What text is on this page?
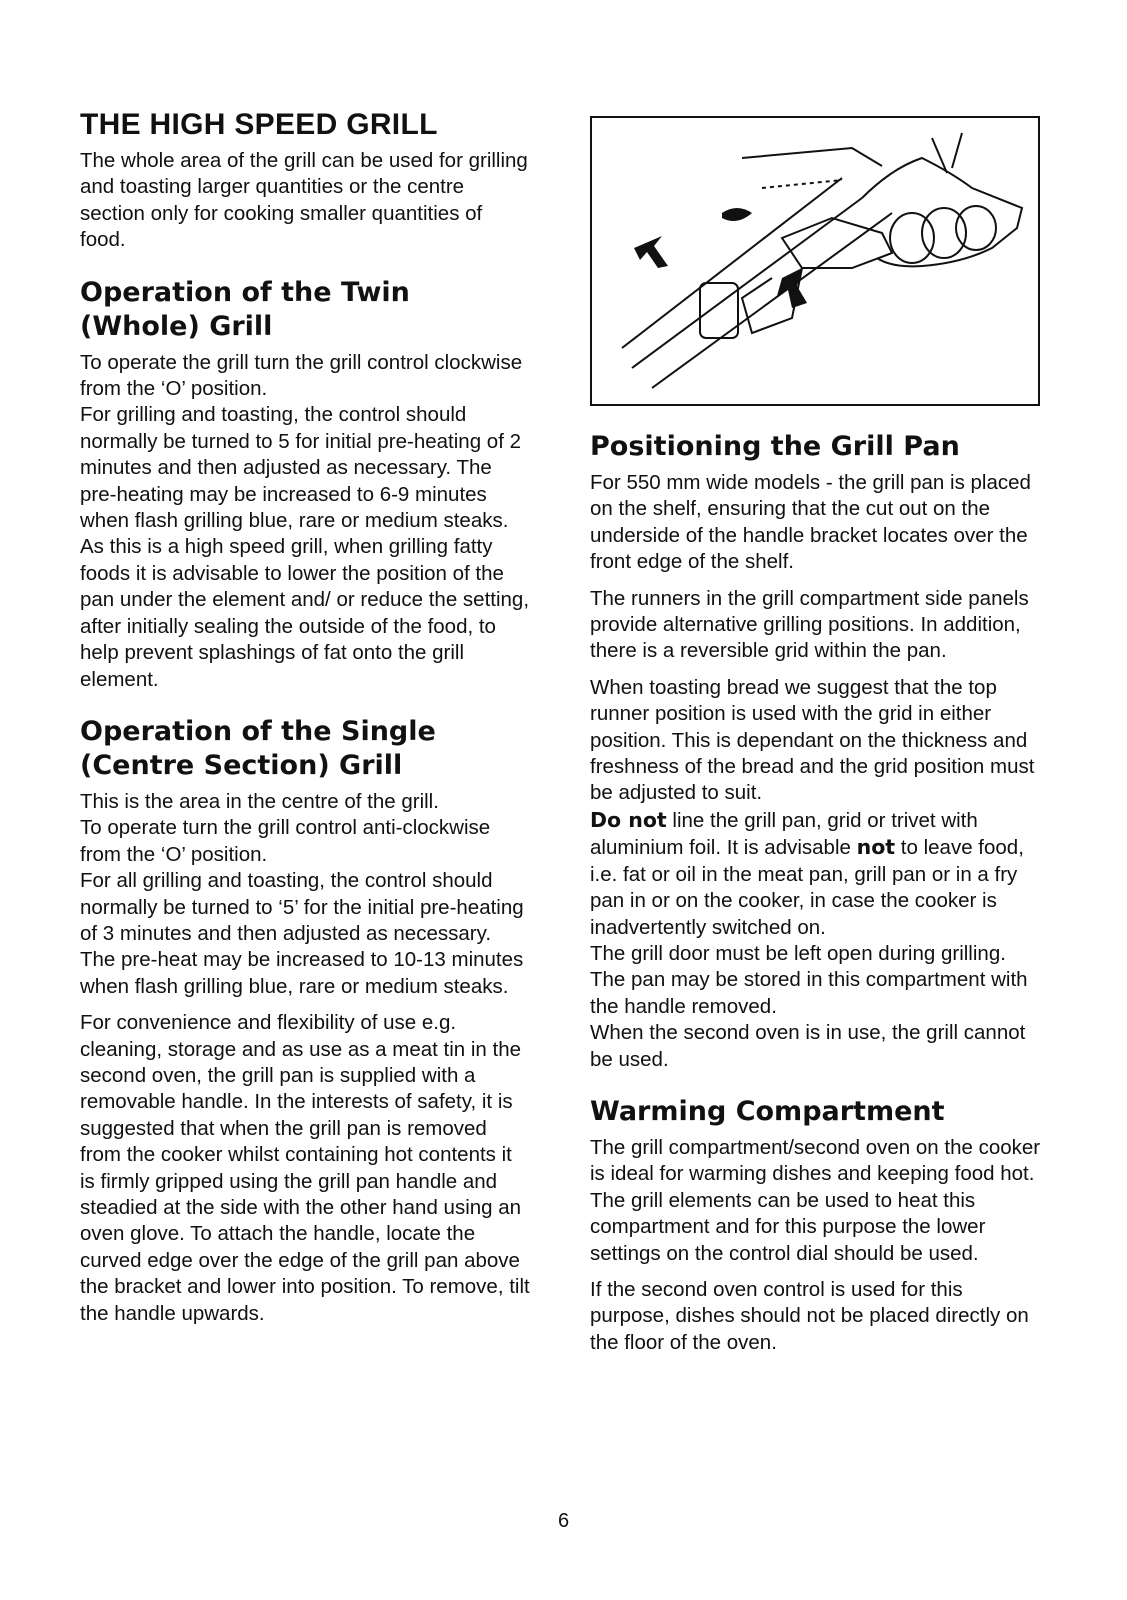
THE HIGH SPEED GRILL

The whole area of the grill can be used for grilling and toasting larger quantities or the centre section only for cooking smaller quantities of food.

Operation of the Twin
(Whole) Grill

To operate the grill turn the grill control clockwise from the ‘O’ position.

For grilling and toasting, the control should normally be turned to 5 for initial pre-heating of 2 minutes and then adjusted as necessary. The pre-heating may be increased to 6-9 minutes when flash grilling blue, rare or medium steaks.

As this is a high speed grill, when grilling fatty foods it is advisable to lower the position of the pan under the element and/ or reduce the setting, after initially sealing the outside of the food, to help prevent splashings of fat onto the grill element.

Operation of the Single
(Centre Section) Grill

This is the area in the centre of the grill.

To operate turn the grill control anti-clockwise from the ‘O’ position.

For all grilling and toasting, the control should normally be turned to ‘5’ for the initial pre-heating of 3 minutes and then adjusted as necessary.

The pre-heat may be increased to 10-13 minutes when flash grilling blue, rare or medium steaks.

For convenience and flexibility of use e.g. cleaning, storage and as use as a meat tin in the second oven, the grill pan is supplied with a removable handle. In the interests of safety, it is suggested that when the grill pan is removed from the cooker whilst containing hot contents it is firmly gripped using the grill pan handle and steadied at the side with the other hand using an oven glove. To attach the handle, locate the curved edge over the edge of the grill pan above the bracket and lower into position. To remove, tilt the handle upwards.

Positioning the Grill Pan

For 550 mm wide models - the grill pan is placed on the shelf, ensuring that the cut out on the underside of the handle bracket locates over the front edge of the shelf.

The runners in the grill compartment side panels provide alternative grilling positions. In addition, there is a reversible grid within the pan.

When toasting bread we suggest that the top runner position is used with the grid in either position. This is dependant on the thickness and freshness of the bread and the grid position must be adjusted to suit.

Do not line the grill pan, grid or trivet with aluminium foil. It is advisable not to leave food, i.e. fat or oil in the meat pan, grill pan or in a fry pan in or on the cooker, in case the cooker is inadvertently switched on.

The grill door must be left open during grilling.

The pan may be stored in this compartment with the handle removed.

When the second oven is in use, the grill cannot be used.

Warming Compartment

The grill compartment/second oven on the cooker is ideal for warming dishes and keeping food hot. The grill elements can be used to heat this compartment and for this purpose the lower settings on the control dial should be used.

If the second oven control is used for this purpose, dishes should not be placed directly on the floor of the oven.

6
